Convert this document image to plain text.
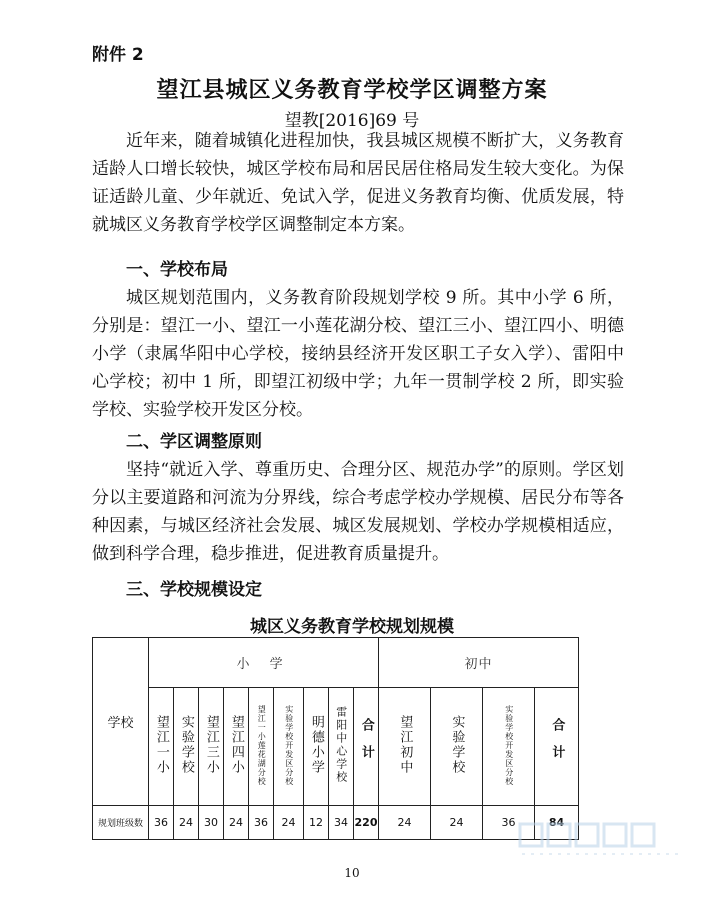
附件 2
望江县城区义务教育学校学区调整方案
望教[2016]69 号
近年来，随着城镇化进程加快，我县城区规模不断扩大，义务教育适龄人口增长较快，城区学校布局和居民居住格局发生较大变化。为保证适龄儿童、少年就近、免试入学，促进义务教育均衡、优质发展，特就城区义务教育学校学区调整制定本方案。
一、学校布局
城区规划范围内，义务教育阶段规划学校 9 所。其中小学 6 所，分别是：望江一小、望江一小莲花湖分校、望江三小、望江四小、明德小学（隶属华阳中心学校，接纳县经济开发区职工子女入学）、雷阳中心学校；初中 1 所，即望江初级中学；九年一贯制学校 2 所，即实验学校、实验学校开发区分校。
二、学区调整原则
坚持“就近入学、尊重历史、合理分区、规范办学”的原则。学区划分以主要道路和河流为分界线，综合考虑学校办学规模、居民分布等各种因素，与城区经济社会发展、城区发展规划、学校办学规模相适应，做到科学合理，稳步推进，促进教育质量提升。
三、学校规模设定
城区义务教育学校规划规模
学校	小 学									初中			
	望江一小	实验学校	望江三小	望江四小	望江一小莲花湖分校	实验学校开发区分校	明德小学	雷阳中心学校	合计	望江初中	实验学校	实验学校开发区分校	合计
规划班级数	36	24	30	24	36	24	12	34	220	24	24	36	84
10
